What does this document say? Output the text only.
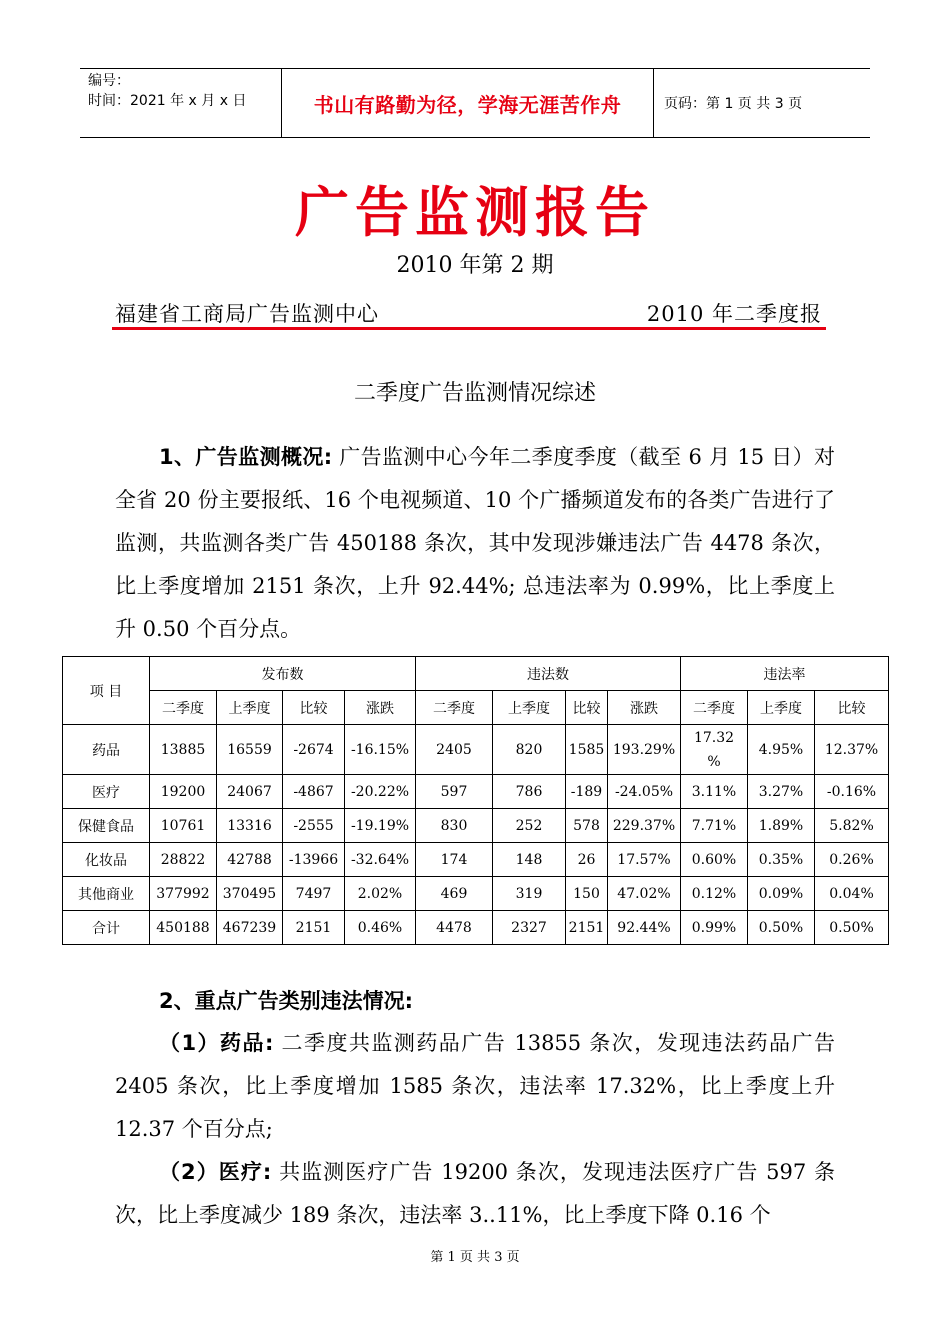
编号：
时间：2021 年 x 月 x 日	书山有路勤为径，学海无涯苦作舟	页码：第 1 页 共 3 页
广告监测报告
2010 年第 2 期
福建省工商局广告监测中心	2010 年二季度报
二季度广告监测情况综述
1、广告监测概况: 广告监测中心今年二季度季度（截至 6 月 15 日）对全省 20 份主要报纸、16 个电视频道、10 个广播频道发布的各类广告进行了监测，共监测各类广告 450188 条次，其中发现涉嫌违法广告 4478 条次，比上季度增加 2151 条次，上升 92.44%; 总违法率为 0.99%，比上季度上升 0.50 个百分点。
项 目	发布数				违法数				违法率		
	二季度	上季度	比较	涨跌	二季度	上季度	比较	涨跌	二季度	上季度	比较
药品	13885	16559	-2674	-16.15%	2405	820	1585	193.29%	17.32 %	4.95%	12.37%
医疗	19200	24067	-4867	-20.22%	597	786	-189	-24.05%	3.11%	3.27%	-0.16%
保健食品	10761	13316	-2555	-19.19%	830	252	578	229.37%	7.71%	1.89%	5.82%
化妆品	28822	42788	-13966	-32.64%	174	148	26	17.57%	0.60%	0.35%	0.26%
其他商业	377992	370495	7497	2.02%	469	319	150	47.02%	0.12%	0.09%	0.04%
合计	450188	467239	2151	0.46%	4478	2327	2151	92.44%	0.99%	0.50%	0.50%
2、重点广告类别违法情况:
（1）药品: 二季度共监测药品广告 13855 条次，发现违法药品广告 2405 条次，比上季度增加 1585 条次，违法率 17.32%，比上季度上升 12.37 个百分点;
（2）医疗: 共监测医疗广告 19200 条次，发现违法医疗广告 597 条次，比上季度减少 189 条次，违法率 3..11%，比上季度下降 0.16 个
第 1 页 共 3 页
